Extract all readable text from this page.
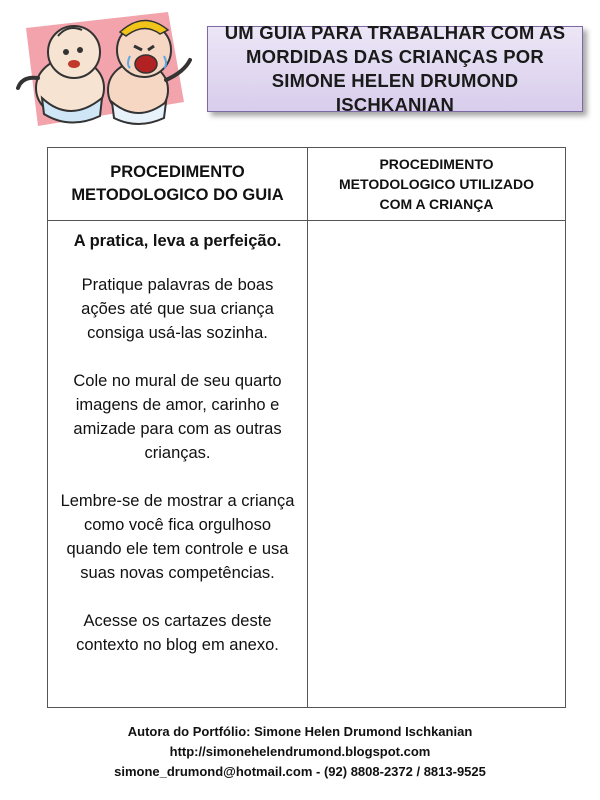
UM GUIA PARA TRABALHAR COM AS MORDIDAS DAS CRIANÇAS POR SIMONE HELEN DRUMOND ISCHKANIAN
PROCEDIMENTO METODOLOGICO DO GUIA	PROCEDIMENTO METODOLOGICO UTILIZADO COM A CRIANÇA

A pratica, leva a perfeição.

Pratique palavras de boas ações até que sua criança consiga usá-las sozinha.

Cole no mural de seu quarto imagens de amor, carinho e amizade para com as outras crianças.

Lembre-se de mostrar a criança como você fica orgulhoso quando ele tem controle e usa suas novas competências.

Acesse os cartazes deste contexto no blog em anexo.	

Autora do Portfólio: Simone Helen Drumond Ischkanian
http://simonehelendrumond.blogspot.com
simone_drumond@hotmail.com - (92) 8808-2372 / 8813-9525
